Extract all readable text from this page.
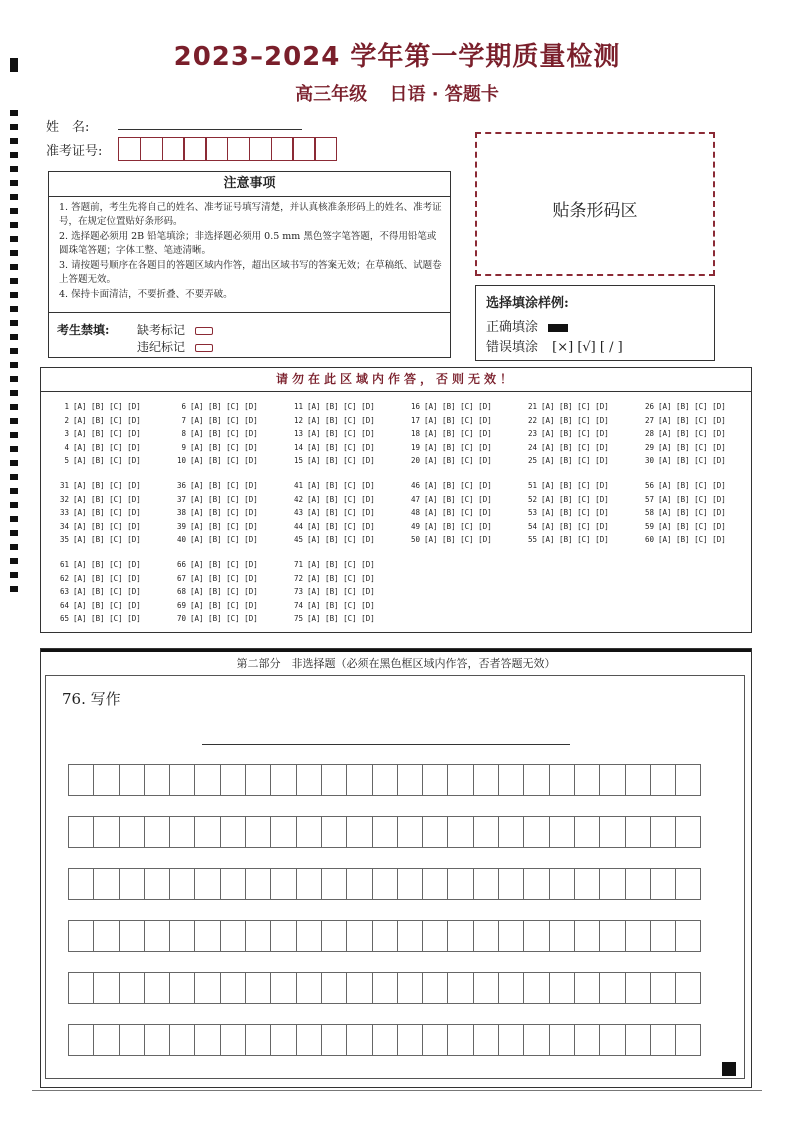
2023–2024 学年第一学期质量检测
高三年级 日语 · 答题卡
姓　名:
准考证号:
注意事项
1. 答题前，考生先将自己的姓名、准考证号填写清楚，并认真核准条形码上的姓名、准考证号，在规定位置贴好条形码。
2. 选择题必须用 2B 铅笔填涂；非选择题必须用 0.5 mm 黑色签字笔答题，不得用铅笔或圆珠笔答题；字体工整、笔迹清晰。
3. 请按题号顺序在各题目的答题区域内作答，超出区域书写的答案无效；在草稿纸、试题卷上答题无效。
4. 保持卡面清洁，不要折叠、不要弄破。
考生禁填: 缺考标记
违纪标记
贴条形码区
选择填涂样例:
正确填涂
错误填涂 [×] [√] [ / ]
请勿在此区域内作答，否则无效！
1 [A] [B] [C] [D]
2 [A] [B] [C] [D]
3 [A] [B] [C] [D]
4 [A] [B] [C] [D]
5 [A] [B] [C] [D]
6 [A] [B] [C] [D]
7 [A] [B] [C] [D]
8 [A] [B] [C] [D]
9 [A] [B] [C] [D]
10 [A] [B] [C] [D]
11 [A] [B] [C] [D]
12 [A] [B] [C] [D]
13 [A] [B] [C] [D]
14 [A] [B] [C] [D]
15 [A] [B] [C] [D]
16 [A] [B] [C] [D]
17 [A] [B] [C] [D]
18 [A] [B] [C] [D]
19 [A] [B] [C] [D]
20 [A] [B] [C] [D]
21 [A] [B] [C] [D]
22 [A] [B] [C] [D]
23 [A] [B] [C] [D]
24 [A] [B] [C] [D]
25 [A] [B] [C] [D]
26 [A] [B] [C] [D]
27 [A] [B] [C] [D]
28 [A] [B] [C] [D]
29 [A] [B] [C] [D]
30 [A] [B] [C] [D]
31 [A] [B] [C] [D]
32 [A] [B] [C] [D]
33 [A] [B] [C] [D]
34 [A] [B] [C] [D]
35 [A] [B] [C] [D]
36 [A] [B] [C] [D]
37 [A] [B] [C] [D]
38 [A] [B] [C] [D]
39 [A] [B] [C] [D]
40 [A] [B] [C] [D]
41 [A] [B] [C] [D]
42 [A] [B] [C] [D]
43 [A] [B] [C] [D]
44 [A] [B] [C] [D]
45 [A] [B] [C] [D]
46 [A] [B] [C] [D]
47 [A] [B] [C] [D]
48 [A] [B] [C] [D]
49 [A] [B] [C] [D]
50 [A] [B] [C] [D]
51 [A] [B] [C] [D]
52 [A] [B] [C] [D]
53 [A] [B] [C] [D]
54 [A] [B] [C] [D]
55 [A] [B] [C] [D]
56 [A] [B] [C] [D]
57 [A] [B] [C] [D]
58 [A] [B] [C] [D]
59 [A] [B] [C] [D]
60 [A] [B] [C] [D]
61 [A] [B] [C] [D]
62 [A] [B] [C] [D]
63 [A] [B] [C] [D]
64 [A] [B] [C] [D]
65 [A] [B] [C] [D]
66 [A] [B] [C] [D]
67 [A] [B] [C] [D]
68 [A] [B] [C] [D]
69 [A] [B] [C] [D]
70 [A] [B] [C] [D]
71 [A] [B] [C] [D]
72 [A] [B] [C] [D]
73 [A] [B] [C] [D]
74 [A] [B] [C] [D]
75 [A] [B] [C] [D]
第二部分　非选择题（必须在黑色框区域内作答，否者答题无效）
76. 写作
